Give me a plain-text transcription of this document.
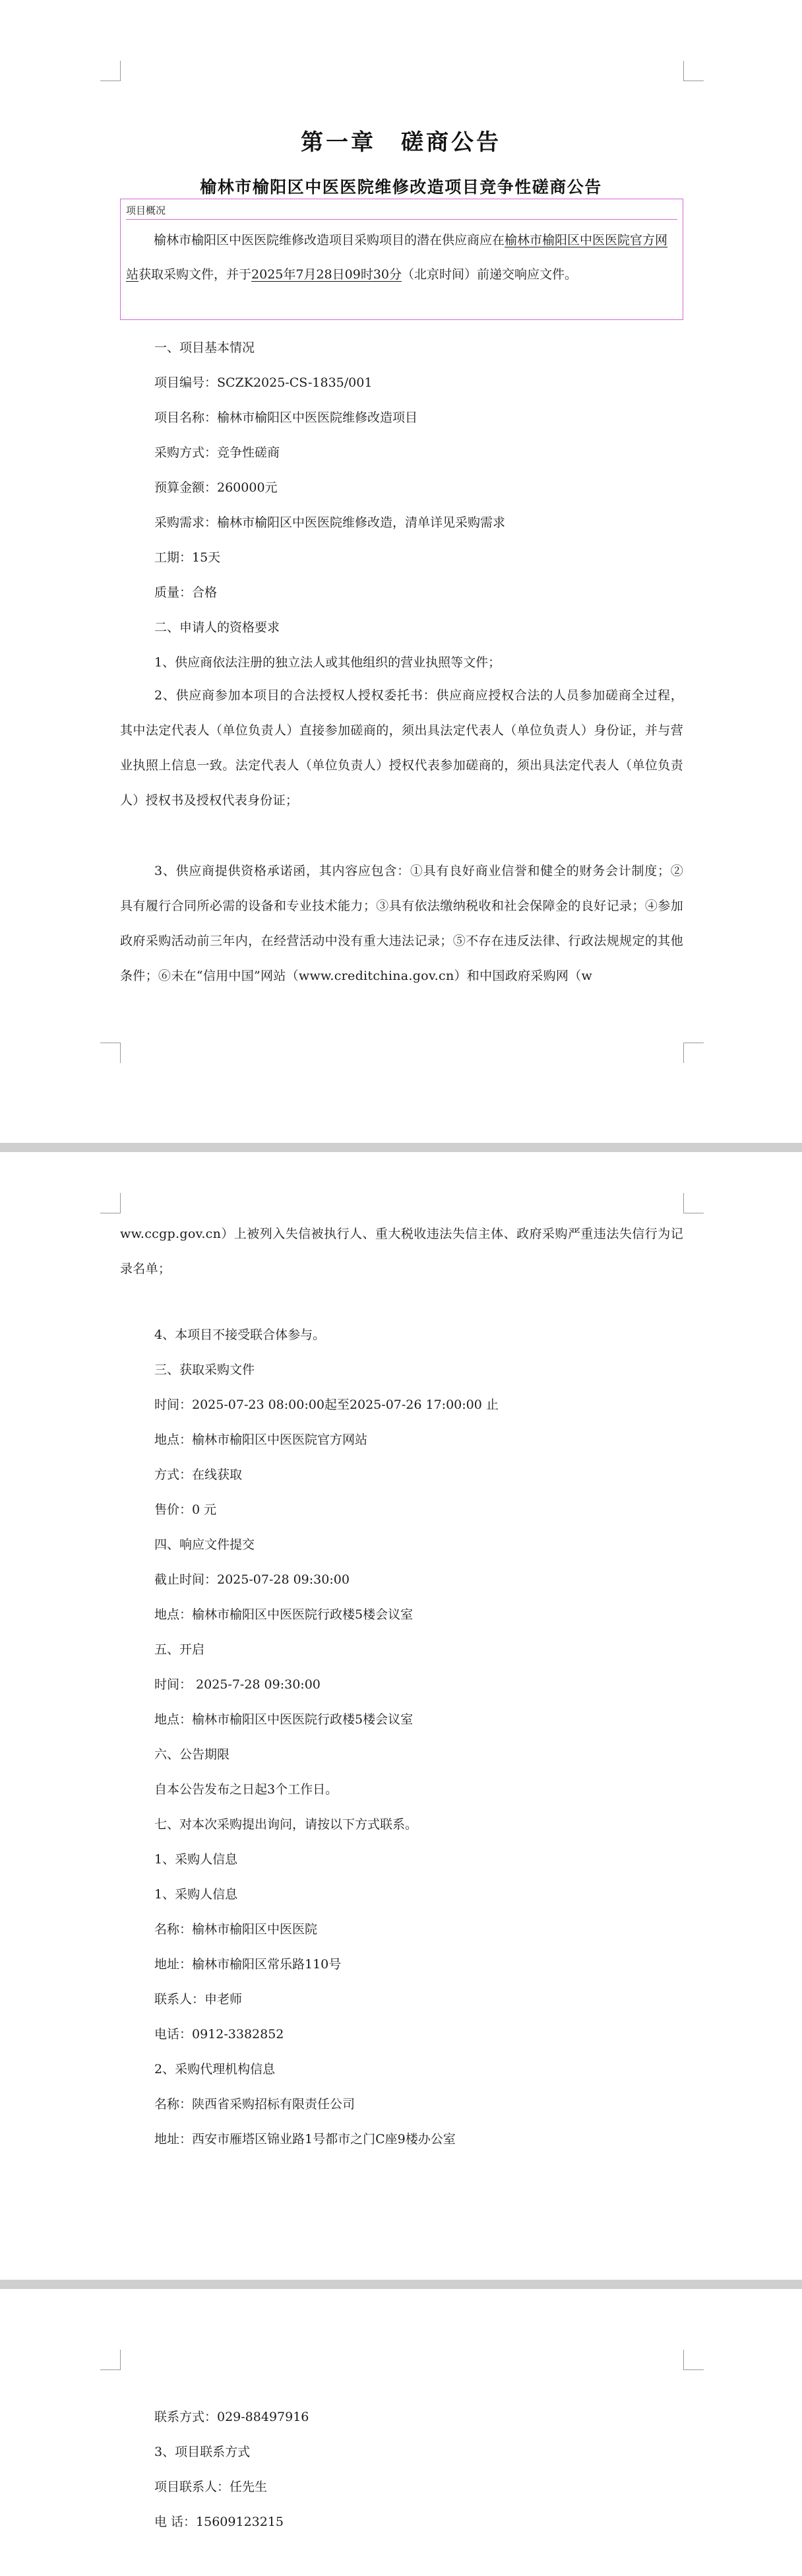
第一章　磋商公告
榆林市榆阳区中医医院维修改造项目竞争性磋商公告
项目概况
榆林市榆阳区中医医院维修改造项目采购项目的潜在供应商应在榆林市榆阳区中医医院官方网站获取采购文件，并于2025年7月28日09时30分（北京时间）前递交响应文件。
一、项目基本情况
项目编号：SCZK2025-CS-1835/001
项目名称：榆林市榆阳区中医医院维修改造项目
采购方式：竞争性磋商
预算金额：260000元
采购需求：榆林市榆阳区中医医院维修改造，清单详见采购需求
工期：15天
质量：合格
二、申请人的资格要求
1、供应商依法注册的独立法人或其他组织的营业执照等文件；
2、供应商参加本项目的合法授权人授权委托书：供应商应授权合法的人员参加磋商全过程，其中法定代表人（单位负责人）直接参加磋商的，须出具法定代表人（单位负责人）身份证，并与营业执照上信息一致。法定代表人（单位负责人）授权代表参加磋商的，须出具法定代表人（单位负责人）授权书及授权代表身份证；
3、供应商提供资格承诺函，其内容应包含：①具有良好商业信誉和健全的财务会计制度；②具有履行合同所必需的设备和专业技术能力；③具有依法缴纳税收和社会保障金的良好记录；④参加政府采购活动前三年内，在经营活动中没有重大违法记录；⑤不存在违反法律、行政法规规定的其他条件；⑥未在“信用中国”网站（www.creditchina.gov.cn）和中国政府采购网（w
ww.ccgp.gov.cn）上被列入失信被执行人、重大税收违法失信主体、政府采购严重违法失信行为记录名单；
4、本项目不接受联合体参与。
三、获取采购文件
时间：2025-07-23 08:00:00起至2025-07-26 17:00:00 止
地点：榆林市榆阳区中医医院官方网站
方式：在线获取
售价：0 元
四、响应文件提交
截止时间：2025-07-28 09:30:00
地点：榆林市榆阳区中医医院行政楼5楼会议室
五、开启
时间： 2025-7-28 09:30:00
地点：榆林市榆阳区中医医院行政楼5楼会议室
六、公告期限
自本公告发布之日起3个工作日。
七、对本次采购提出询问，请按以下方式联系。
1、采购人信息
1、采购人信息
名称：榆林市榆阳区中医医院
地址：榆林市榆阳区常乐路110号
联系人：申老师
电话：0912-3382852
2、采购代理机构信息
名称：陕西省采购招标有限责任公司
地址：西安市雁塔区锦业路1号都市之门C座9楼办公室
联系方式：029-88497916
3、项目联系方式
项目联系人：任先生
电 话：15609123215
